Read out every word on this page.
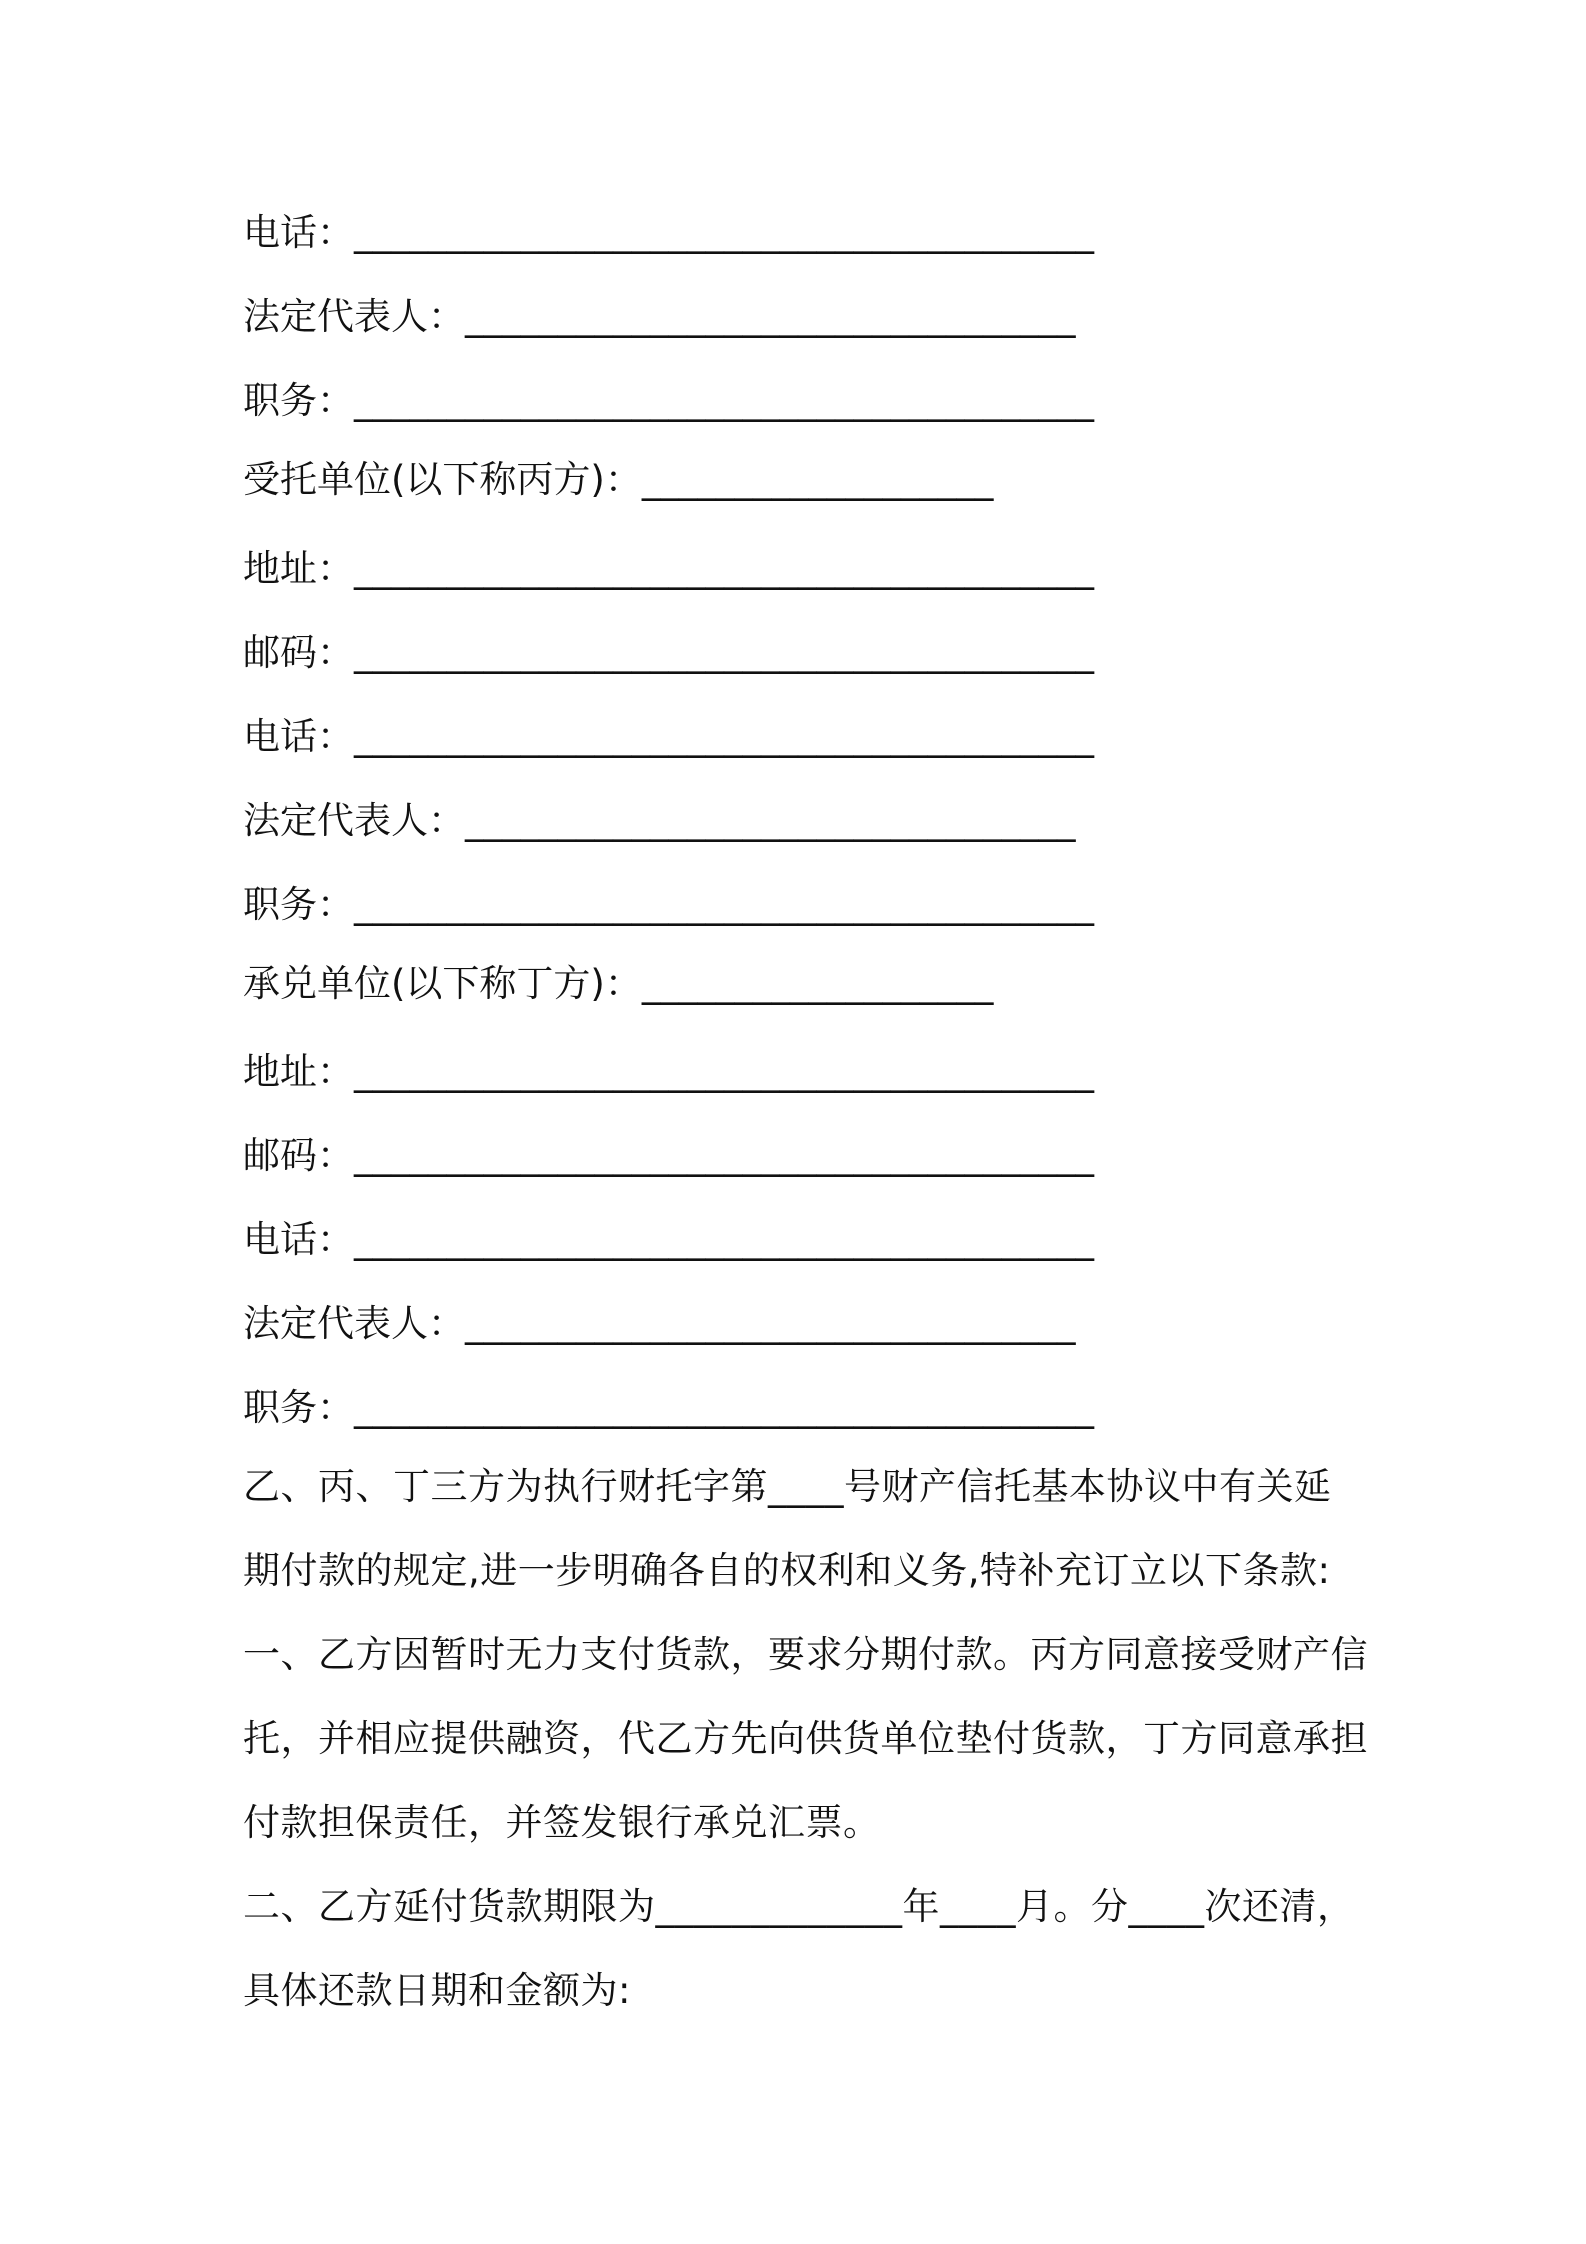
电话：________________________________________
法定代表人：_________________________________
职务：________________________________________
受托单位(以下称丙方)：___________________
地址：________________________________________
邮码：________________________________________
电话：________________________________________
法定代表人：_________________________________
职务：________________________________________
承兑单位(以下称丁方)：___________________
地址：________________________________________
邮码：________________________________________
电话：________________________________________
法定代表人：_________________________________
职务：________________________________________
乙、丙、丁三方为执行财托字第____号财产信托基本协议中有关延
期付款的规定,进一步明确各自的权利和义务,特补充订立以下条款:
一、乙方因暂时无力支付货款，要求分期付款。丙方同意接受财产信
托，并相应提供融资，代乙方先向供货单位垫付货款，丁方同意承担
付款担保责任，并签发银行承兑汇票。
二、乙方延付货款期限为_____________年____月。分____次还清，
具体还款日期和金额为:
